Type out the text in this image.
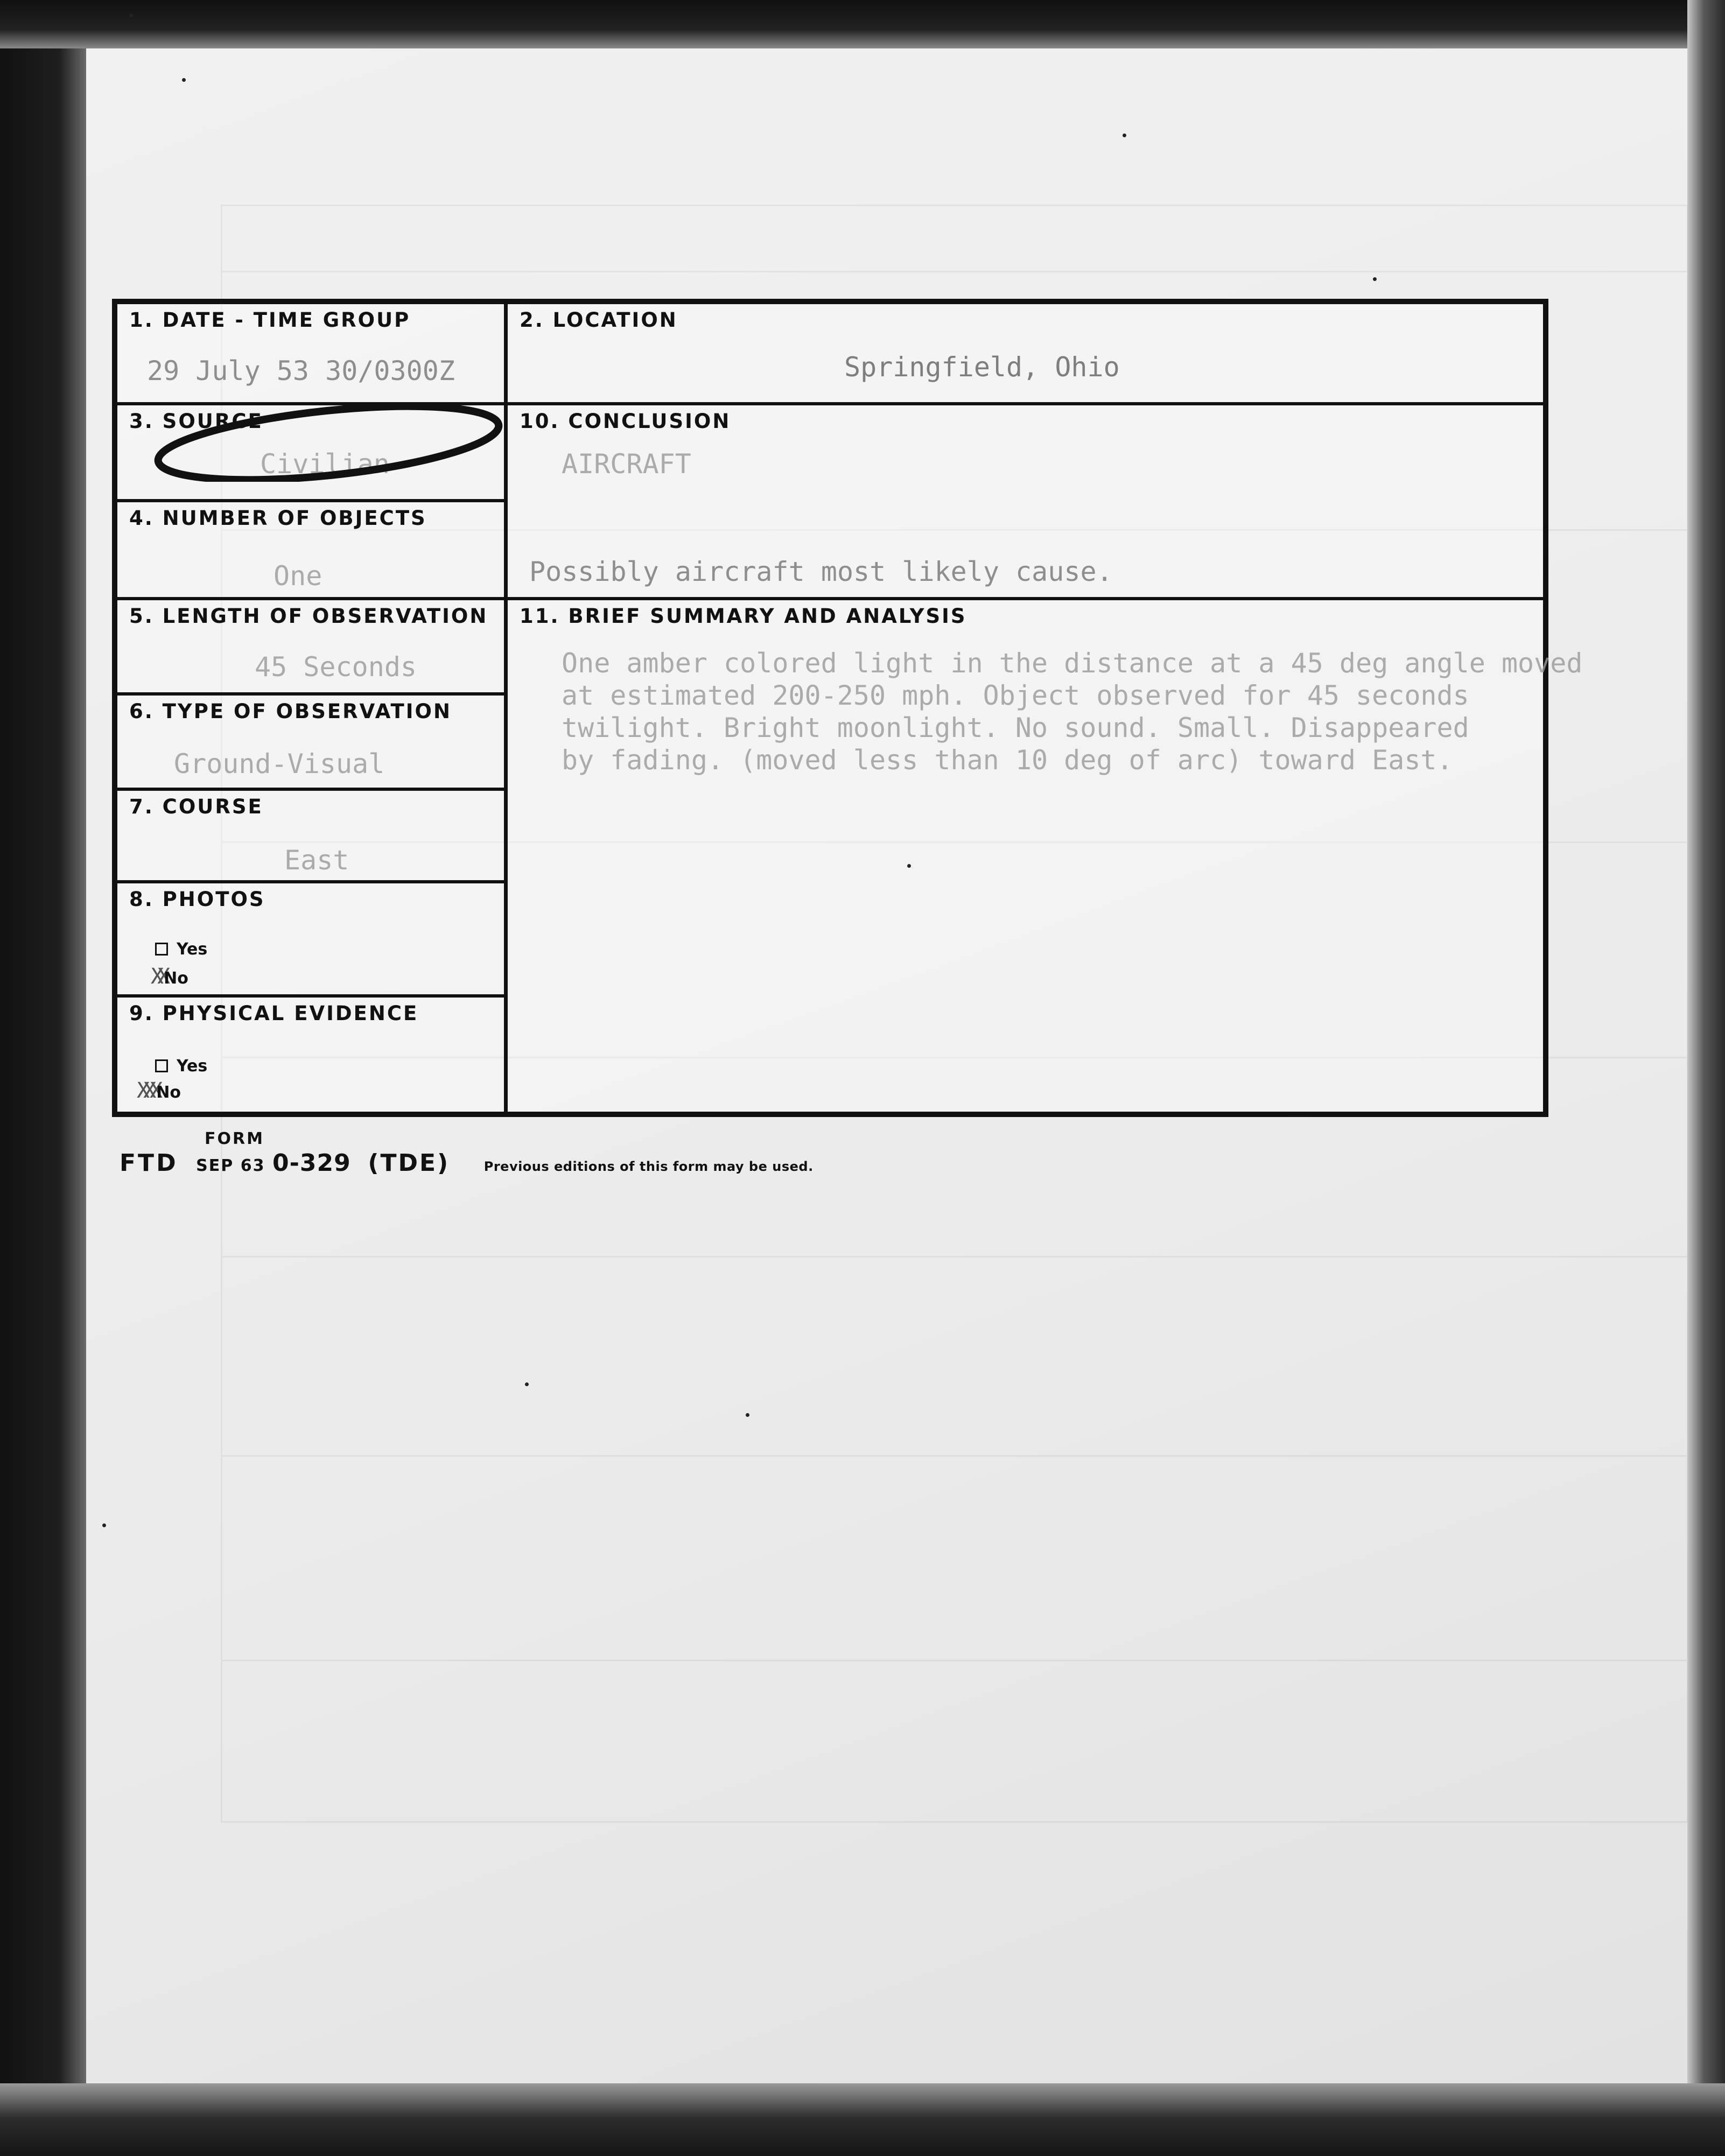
1. DATE - TIME GROUP
29 July 53 30/0300Z
3. SOURCE
Civilian
4. NUMBER OF OBJECTS
One
5. LENGTH OF OBSERVATION
45 Seconds
6. TYPE OF OBSERVATION
Ground-Visual
7. COURSE
East
8. PHOTOS
Yes
XXNo
9. PHYSICAL EVIDENCE
Yes
XXXNo
2. LOCATION
Springfield, Ohio
10. CONCLUSION
AIRCRAFT
Possibly aircraft most likely cause.
11. BRIEF SUMMARY AND ANALYSIS
One amber colored light in the distance at a 45 deg angle moved
at estimated 200-250 mph. Object observed for 45 seconds
twilight. Bright moonlight. No sound. Small. Disappeared
by fading. (moved less than 10 deg of arc) toward East.
FORM
FTD SEP 63 0-329 (TDE)	Previous editions of this form may be used.
